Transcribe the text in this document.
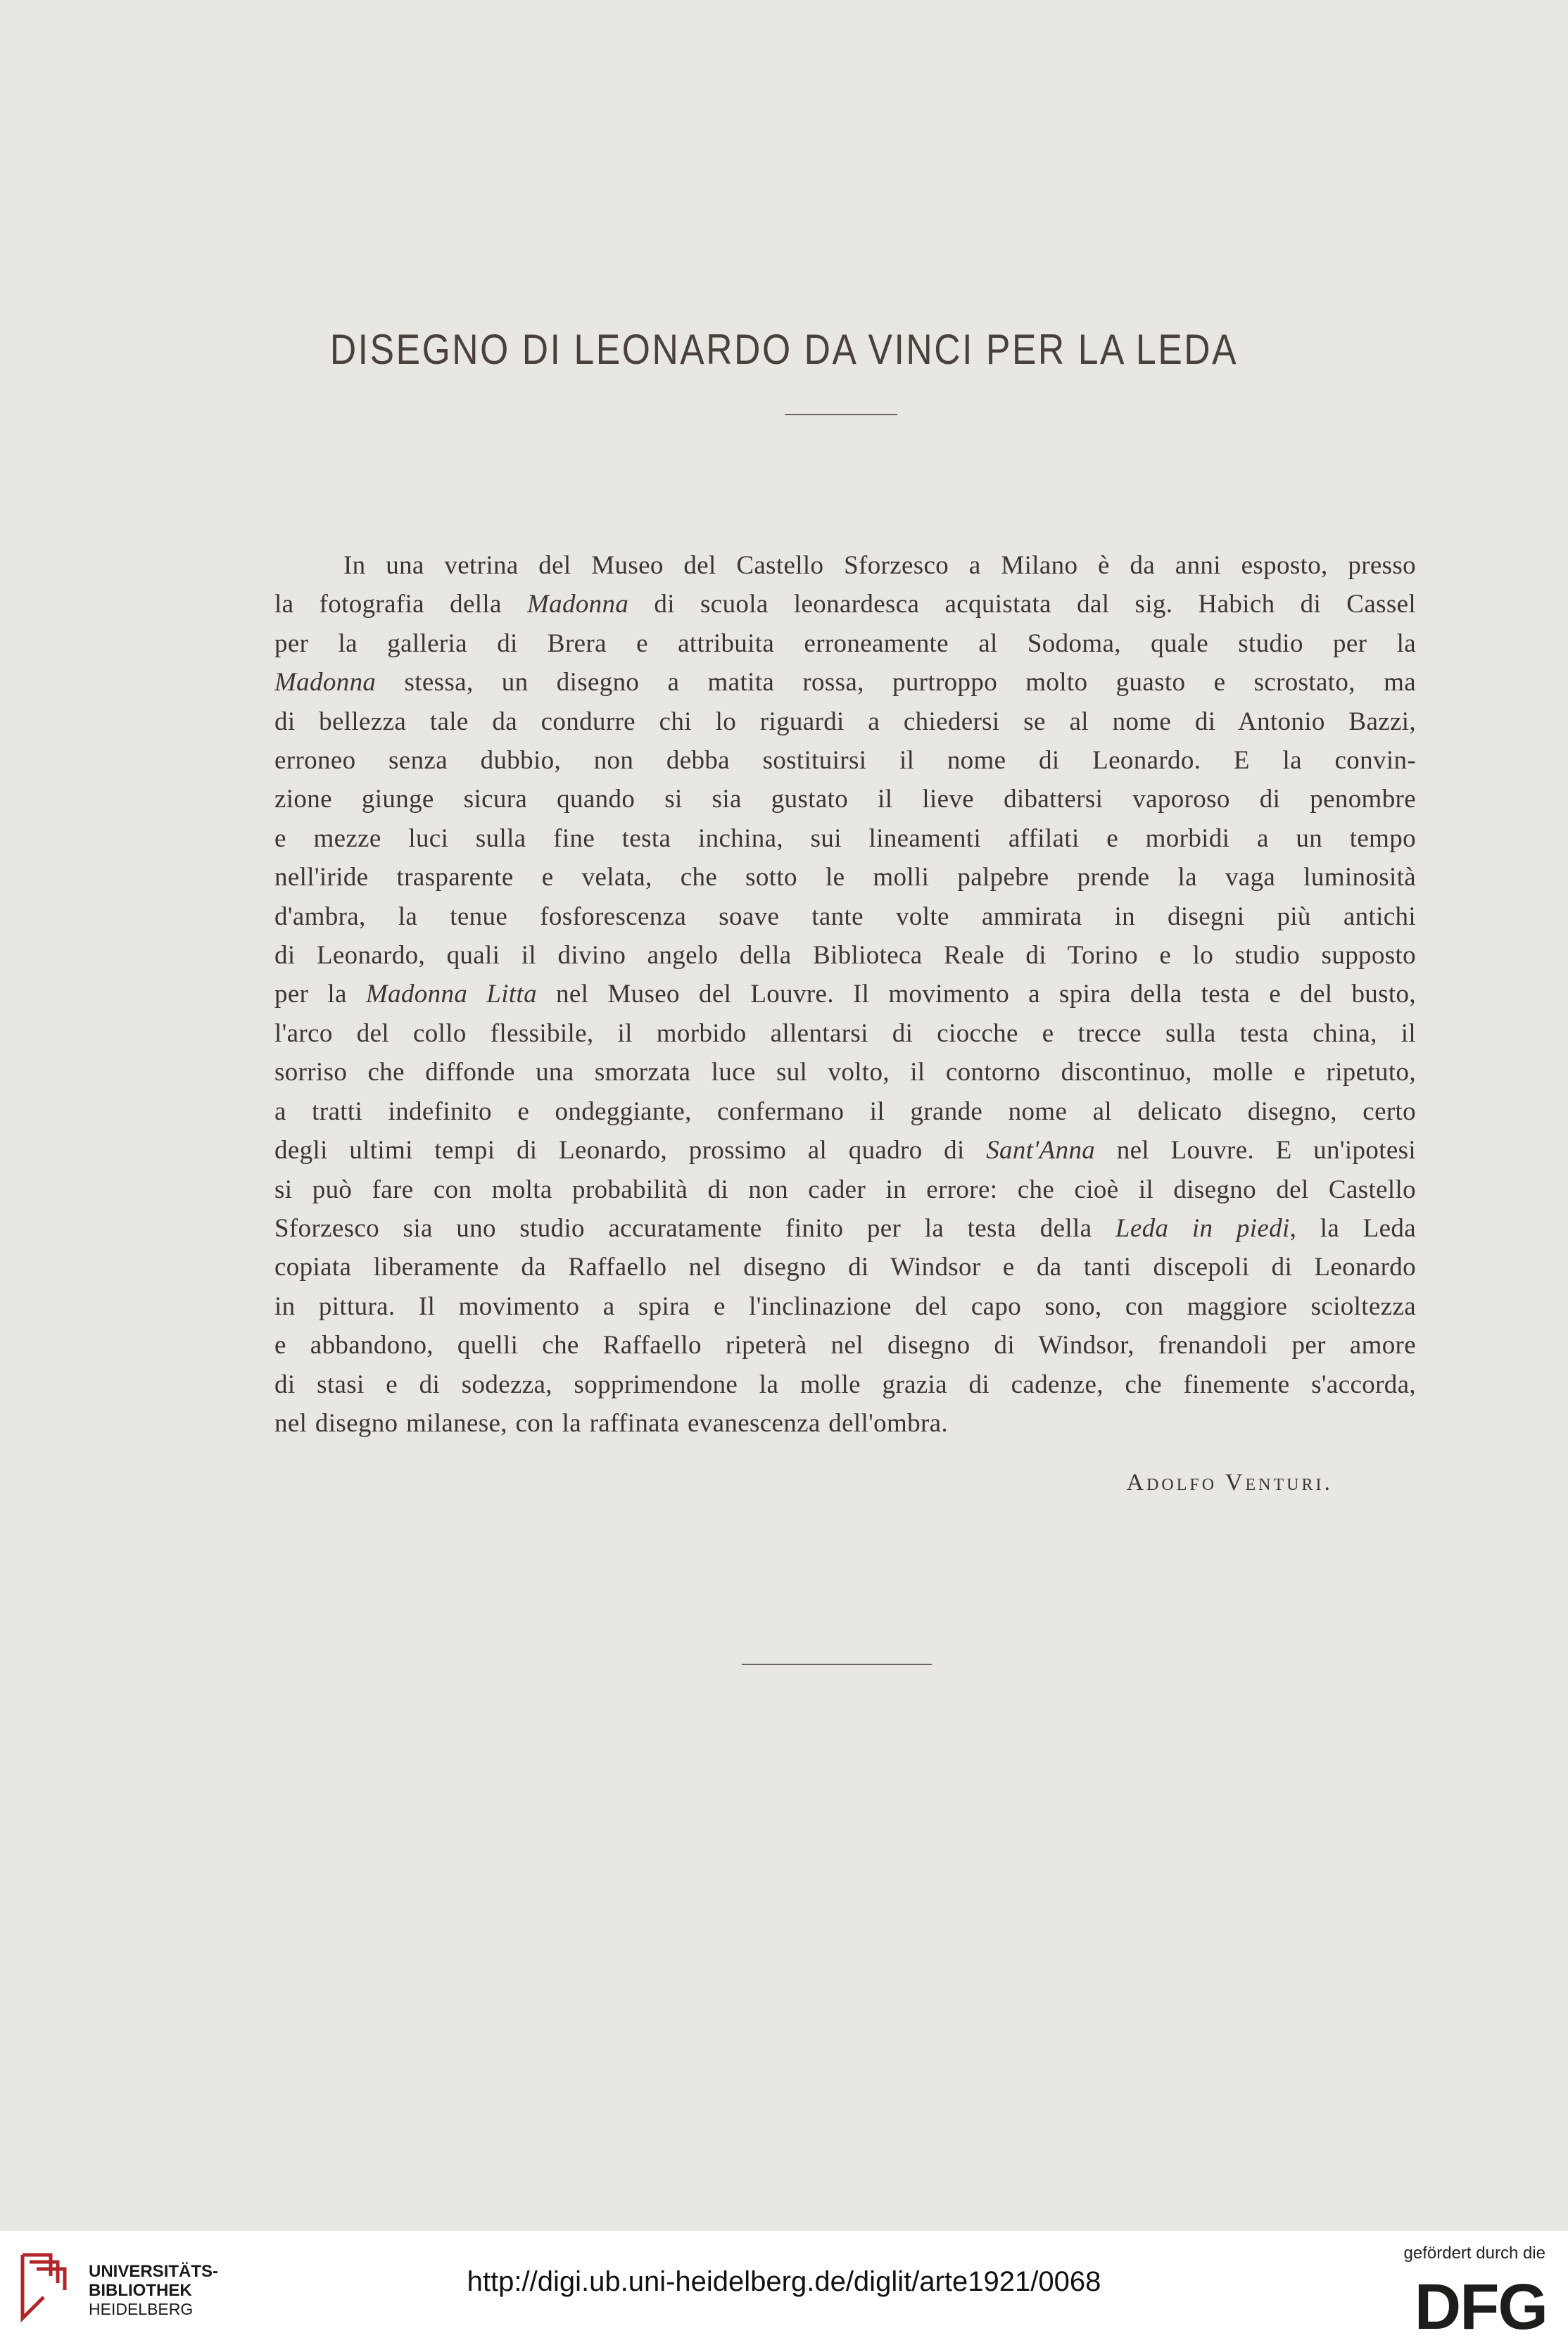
DISEGNO DI LEONARDO DA VINCI PER LA LEDA
In una vetrina del Museo del Castello Sforzesco a Milano è da anni esposto, presso
la fotografia della Madonna di scuola leonardesca acquistata dal sig. Habich di Cassel
per la galleria di Brera e attribuita erroneamente al Sodoma, quale studio per la
Madonna stessa, un disegno a matita rossa, purtroppo molto guasto e scrostato, ma
di bellezza tale da condurre chi lo riguardi a chiedersi se al nome di Antonio Bazzi,
erroneo senza dubbio, non debba sostituirsi il nome di Leonardo. E la convin-
zione giunge sicura quando si sia gustato il lieve dibattersi vaporoso di penombre
e mezze luci sulla fine testa inchina, sui lineamenti affilati e morbidi a un tempo
nell'iride trasparente e velata, che sotto le molli palpebre prende la vaga luminosità
d'ambra, la tenue fosforescenza soave tante volte ammirata in disegni più antichi
di Leonardo, quali il divino angelo della Biblioteca Reale di Torino e lo studio supposto
per la Madonna Litta nel Museo del Louvre. Il movimento a spira della testa e del busto,
l'arco del collo flessibile, il morbido allentarsi di ciocche e trecce sulla testa china, il
sorriso che diffonde una smorzata luce sul volto, il contorno discontinuo, molle e ripetuto,
a tratti indefinito e ondeggiante, confermano il grande nome al delicato disegno, certo
degli ultimi tempi di Leonardo, prossimo al quadro di Sant'Anna nel Louvre. E un'ipotesi
si può fare con molta probabilità di non cader in errore: che cioè il disegno del Castello
Sforzesco sia uno studio accuratamente finito per la testa della Leda in piedi, la Leda
copiata liberamente da Raffaello nel disegno di Windsor e da tanti discepoli di Leonardo
in pittura. Il movimento a spira e l'inclinazione del capo sono, con maggiore scioltezza
e abbandono, quelli che Raffaello ripeterà nel disegno di Windsor, frenandoli per amore
di stasi e di sodezza, sopprimendone la molle grazia di cadenze, che finemente s'accorda,
nel disegno milanese, con la raffinata evanescenza dell'ombra.
Adolfo Venturi.
UNIVERSITÄTS-
BIBLIOTHEK
HEIDELBERG
http://digi.ub.uni-heidelberg.de/diglit/arte1921/0068
gefördert durch die
DFG
